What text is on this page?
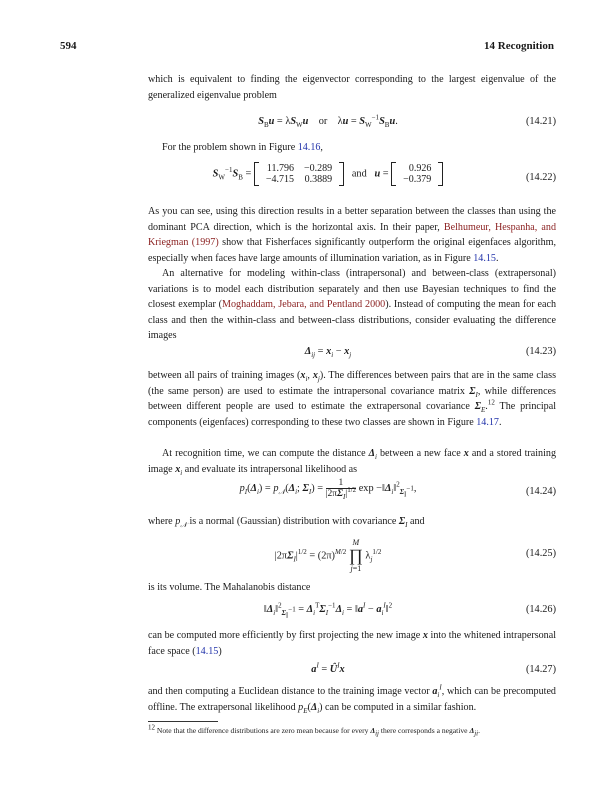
594	14 Recognition
which is equivalent to finding the eigenvector corresponding to the largest eigenvalue of the generalized eigenvalue problem
$S_Bu = \lambda S_Wu$ or    $\lambda u = S_W^{-1}S_Bu$.	(14.21)
For the problem shown in Figure 14.16,
$S_W^{-1}S_B = 11.796$	−0.289
−4.715	0.3889
and u = 0.926
−0.379	(14.22)
As you can see, using this direction results in a better separation between the classes than using the dominant PCA direction, which is the horizontal axis. In their paper, Belhumeur, Hespanha, and Kriegman (1997) show that Fisherfaces significantly outperform the original eigenfaces algorithm, especially when faces have large amounts of illumination variation, as in Figure 14.15.
An alternative for modeling within-class (intrapersonal) and between-class (extrapersonal) variations is to model each distribution separately and then use Bayesian techniques to find the closest exemplar (Moghaddam, Jebara, and Pentland 2000). Instead of computing the mean for each class and then the within-class and between-class distributions, consider evaluating the difference images
$\Delta_{ij} = x_i - x_j$	(14.23)
between all pairs of training images ($x_i$, $x_j$). The differences between pairs that are in the same class (the same person) are used to estimate the intrapersonal covariance matrix $\Sigma_I$, while differences between different people are used to estimate the extrapersonal covariance $\Sigma_E.^{12}$ The principal components (eigenfaces) corresponding to these two classes are shown in Figure 14.17.
At recognition time, we can compute the distance $\Delta_i$ between a new face x and a stored training image $x_i$ and evaluate its intrapersonal likelihood as
$p_I(\Delta_i) = p_𝒩(\Delta_i$; $\Sigma_I) = \frac{1}{|2\pi\Sigma_I|^{1/2}}$ $\exp -‖\Delta_i‖^2_{\Sigma_I^{-1}}$,	(14.24)
where $p_𝒩$ is a normal (Gaussian) distribution with covariance $\Sigma_I$ and
$|2\pi\Sigma_I|^{1/2} = (2\pi)^{M/2}$
M
∏
j=1
$\lambda_j^{1/2}$	(14.25)
is its volume. The Mahalanobis distance
$‖\Delta_i‖^2_{\Sigma_I^{-1}} = \Delta_i^T\Sigma_I^{-1}\Delta_i$ = $‖a^I$ − $a_i^I‖^2$	(14.26)
can be computed more efficiently by first projecting the new image x into the whitened intrapersonal face space (14.15)
$a^I$ = $Û^Ix$	(14.27)
and then computing a Euclidean distance to the training image vector $a_i^I$, which can be precomputed offline. The extrapersonal likelihood $p_E(\Delta_i)$ can be computed in a similar fashion.
$^{12}$ Note that the difference distributions are zero mean because for every $\Delta_{ij}$ there corresponds a negative $\Delta_{ji}$.
